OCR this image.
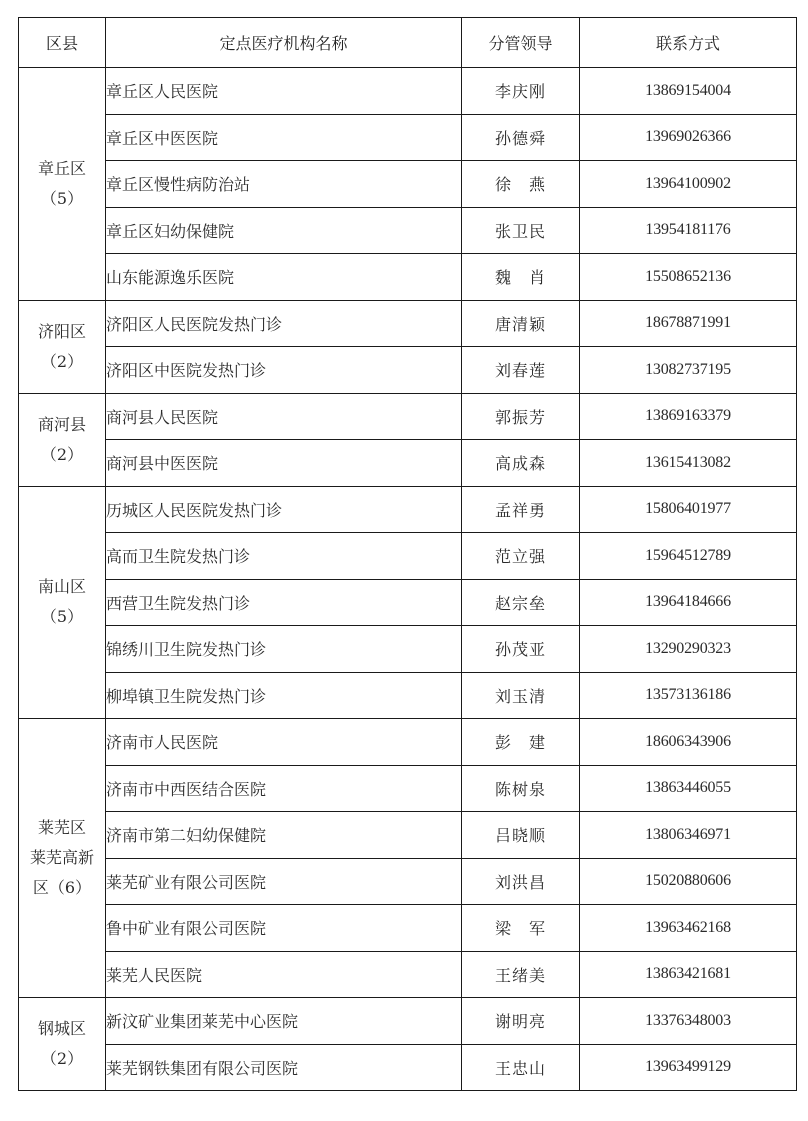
区县	定点医疗机构名称	分管领导	联系方式

章丘区
（5）	章丘区人民医院	李庆刚	13869154004
	章丘区中医医院	孙德舜	13969026366
	章丘区慢性病防治站	徐　燕	13964100902
	章丘区妇幼保健院	张卫民	13954181176
	山东能源逸乐医院	魏　肖	15508652136

济阳区
（2）	济阳区人民医院发热门诊	唐清颖	18678871991
	济阳区中医院发热门诊	刘春莲	13082737195

商河县
（2）	商河县人民医院	郭振芳	13869163379
	商河县中医医院	高成森	13615413082

南山区
（5）	历城区人民医院发热门诊	孟祥勇	15806401977
	高而卫生院发热门诊	范立强	15964512789
	西营卫生院发热门诊	赵宗垒	13964184666
	锦绣川卫生院发热门诊	孙茂亚	13290290323
	柳埠镇卫生院发热门诊	刘玉清	13573136186

莱芜区
莱芜高新
区（6）	济南市人民医院	彭　建	18606343906
	济南市中西医结合医院	陈树泉	13863446055
	济南市第二妇幼保健院	吕晓顺	13806346971
	莱芜矿业有限公司医院	刘洪昌	15020880606
	鲁中矿业有限公司医院	梁　军	13963462168
	莱芜人民医院	王绪美	13863421681

钢城区
（2）	新汶矿业集团莱芜中心医院	谢明亮	13376348003
	莱芜钢铁集团有限公司医院	王忠山	13963499129
